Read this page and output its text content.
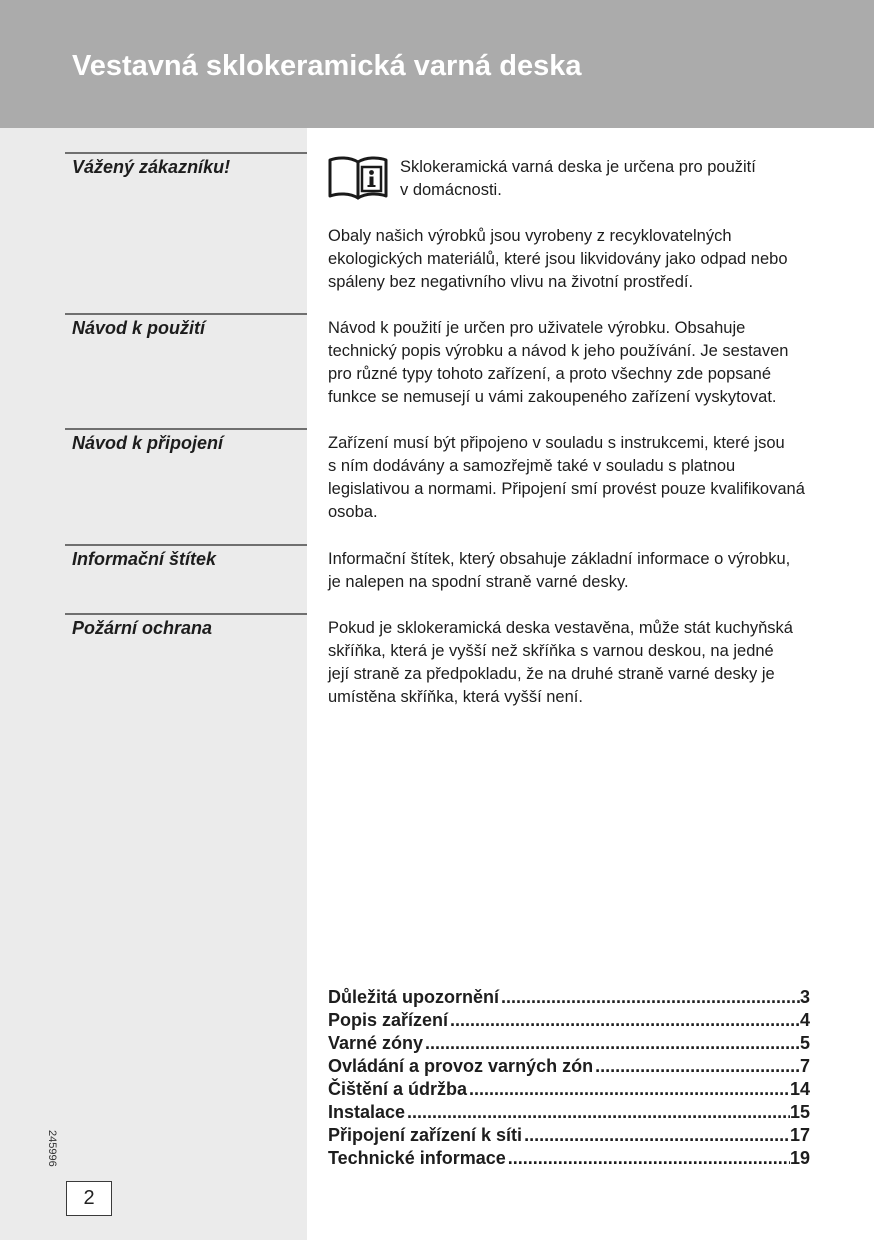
Vestavná sklokeramická varná deska
Vážený zákazníku!	Sklokeramická varná deska je určena pro použití
v domácnosti.

Obaly našich výrobků jsou vyrobeny z recyklovatelných
ekologických materiálů, které jsou likvidovány jako odpad nebo
spáleny bez negativního vlivu na životní prostředí.

Návod k použití	Návod k použití je určen pro uživatele výrobku. Obsahuje
technický popis výrobku a návod k jeho používání. Je sestaven
pro různé typy tohoto zařízení, a proto všechny zde popsané
funkce se nemusejí u vámi zakoupeného zařízení vyskytovat.

Návod k připojení	Zařízení musí být připojeno v souladu s instrukcemi, které jsou
s ním dodávány a samozřejmě také v souladu s platnou
legislativou a normami. Připojení smí provést pouze kvalifikovaná
osoba.

Informační štítek	Informační štítek, který obsahuje základní informace o výrobku,
je nalepen na spodní straně varné desky.

Požární ochrana	Pokud je sklokeramická deska vestavěna, může stát kuchyňská
skříňka, která je vyšší než skříňka s varnou deskou, na jedné
její straně za předpokladu, že na druhé straně varné desky je
umístěna skříňka, která vyšší není.

Důležitá upozornění .....	3
Popis zařízení .....	4
Varné zóny .....	5
Ovládání a provoz varných zón .....	7
Čištění a údržba .....	14
Instalace .....	15
Připojení zařízení k síti .....	17
Technické informace .....	19
245996
2
